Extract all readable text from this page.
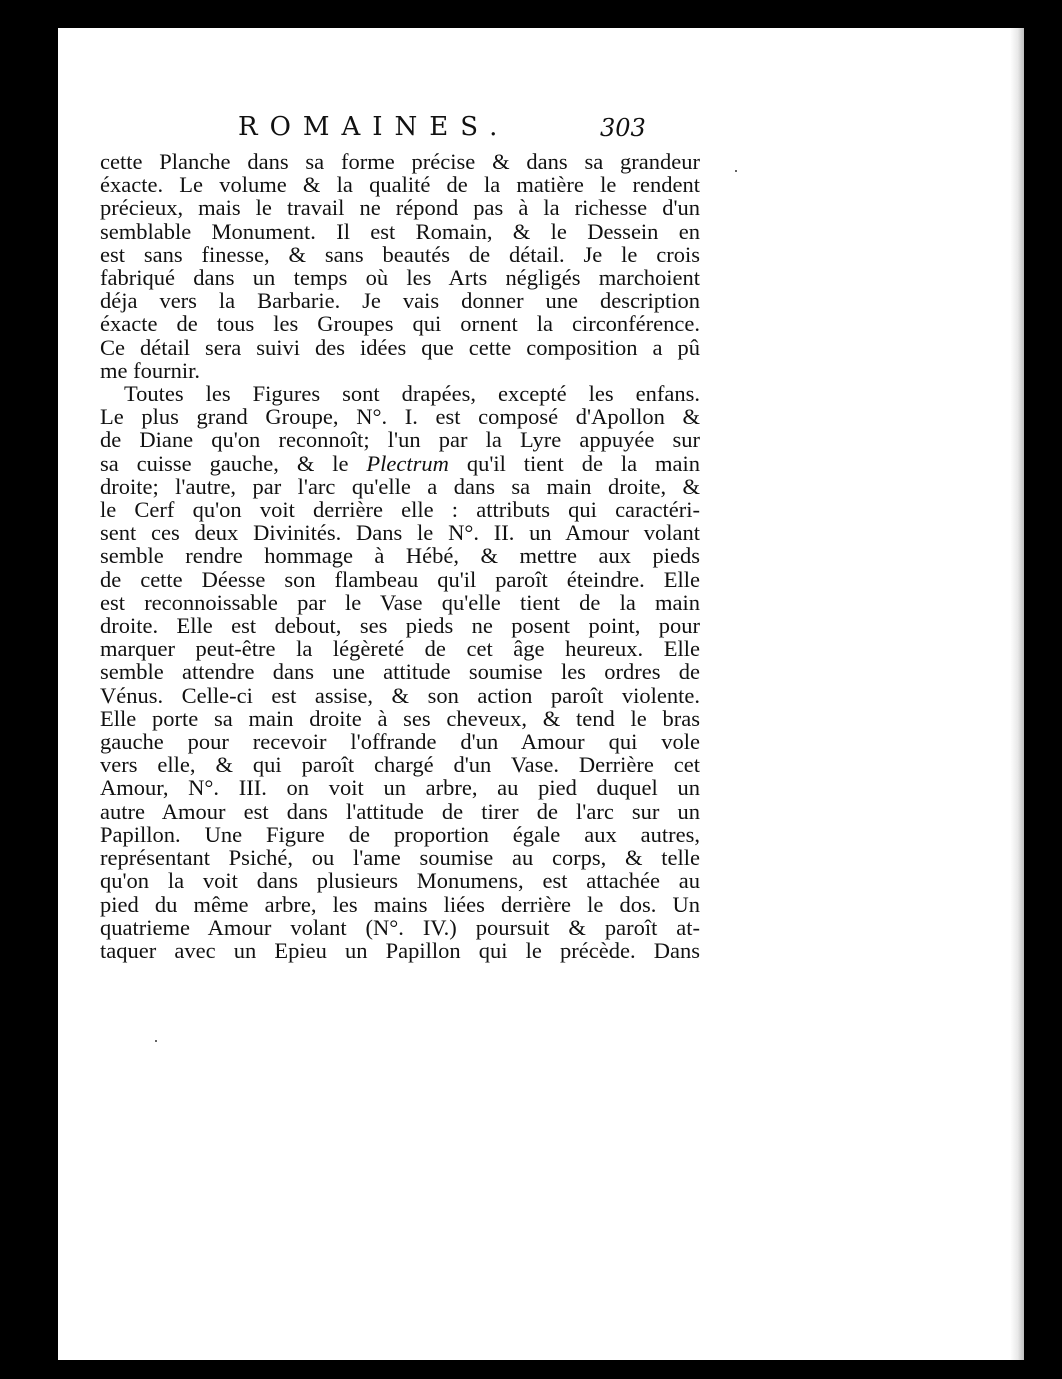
ROMAINES.	303
cette Planche dans sa forme précise & dans sa grandeur
éxacte. Le volume & la qualité de la matière le rendent
précieux, mais le travail ne répond pas à la richesse d'un
semblable Monument. Il est Romain, & le Dessein en
est sans finesse, & sans beautés de détail. Je le crois
fabriqué dans un temps où les Arts négligés marchoient
déja vers la Barbarie. Je vais donner une description
éxacte de tous les Groupes qui ornent la circonférence.
Ce détail sera suivi des idées que cette composition a pû
me fournir.
Toutes les Figures sont drapées, excepté les enfans.
Le plus grand Groupe, N°. I. est composé d'Apollon &
de Diane qu'on reconnoît; l'un par la Lyre appuyée sur
sa cuisse gauche, & le Plectrum qu'il tient de la main
droite; l'autre, par l'arc qu'elle a dans sa main droite, &
le Cerf qu'on voit derrière elle : attributs qui caractéri-
sent ces deux Divinités. Dans le N°. II. un Amour volant
semble rendre hommage à Hébé, & mettre aux pieds
de cette Déesse son flambeau qu'il paroît éteindre. Elle
est reconnoissable par le Vase qu'elle tient de la main
droite. Elle est debout, ses pieds ne posent point, pour
marquer peut-être la légèreté de cet âge heureux. Elle
semble attendre dans une attitude soumise les ordres de
Vénus. Celle-ci est assise, & son action paroît violente.
Elle porte sa main droite à ses cheveux, & tend le bras
gauche pour recevoir l'offrande d'un Amour qui vole
vers elle, & qui paroît chargé d'un Vase. Derrière cet
Amour, N°. III. on voit un arbre, au pied duquel un
autre Amour est dans l'attitude de tirer de l'arc sur un
Papillon. Une Figure de proportion égale aux autres,
représentant Psiché, ou l'ame soumise au corps, & telle
qu'on la voit dans plusieurs Monumens, est attachée au
pied du même arbre, les mains liées derrière le dos. Un
quatrieme Amour volant (N°. IV.) poursuit & paroît at-
taquer avec un Epieu un Papillon qui le précède. Dans
